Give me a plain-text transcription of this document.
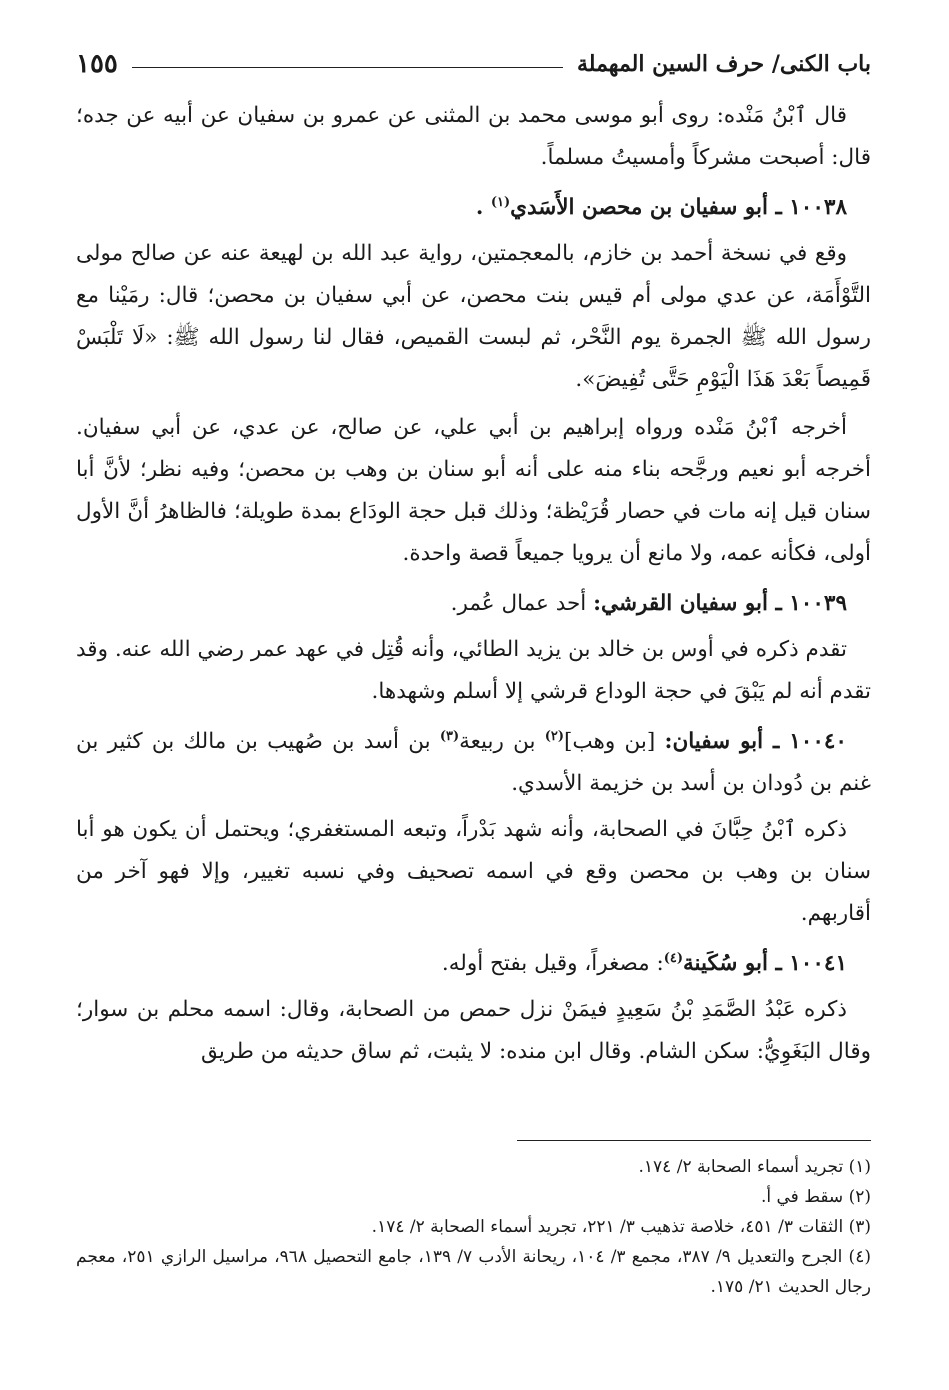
باب الكنى/ حرف السين المهملة
١٥٥

قال ٱبْنُ مَنْده: روى أبو موسى محمد بن المثنى عن عمرو بن سفيان عن أبيه عن جده؛ قال: أصبحت مشركاً وأمسيتُ مسلماً.

١٠٠٣٨ ـ أبو سفيان بن محصن الأَسَدي$^{(١)}$ .

وقع في نسخة أحمد بن خازم، بالمعجمتين، رواية عبد الله بن لهيعة عنه عن صالح مولى التَّوْأَمَة، عن عدي مولى أم قيس بنت محصن، عن أبي سفيان بن محصن؛ قال: رمَيْنا مع رسول الله ﷺ الجمرة يوم النَّحْر، ثم لبست القميص، فقال لنا رسول الله ﷺ: «لَا تَلْبَسْ قَمِيصاً بَعْدَ هَذَا الْيَوْمِ حَتَّى تُفِيضَ».

أخرجه ٱبْنُ مَنْده ورواه إبراهيم بن أبي علي، عن صالح، عن عدي، عن أبي سفيان. أخرجه أبو نعيم ورجَّحه بناء منه على أنه أبو سنان بن وهب بن محصن؛ وفيه نظر؛ لأنَّ أبا سنان قيل إنه مات في حصار قُرَيْظة؛ وذلك قبل حجة الودَاع بمدة طويلة؛ فالظاهرُ أنَّ الأول أولى، فكأنه عمه، ولا مانع أن يرويا جميعاً قصة واحدة.

١٠٠٣٩ ـ أبو سفيان القرشي: أحد عمال عُمر.

تقدم ذكره في أوس بن خالد بن يزيد الطائي، وأنه قُتِل في عهد عمر رضي الله عنه. وقد تقدم أنه لم يَبْقَ في حجة الوداع قرشي إلا أسلم وشهدها.

١٠٠٤٠ ـ أبو سفيان: [بن وهب]$^{(٢)}$ بن ربيعة$^{(٣)}$ بن أسد بن صُهيب بن مالك بن كثير بن غنم بن دُودان بن أسد بن خزيمة الأسدي.

ذكره ٱبْنُ حِبَّانَ في الصحابة، وأنه شهد بَدْراً، وتبعه المستغفري؛ ويحتمل أن يكون هو أبا سنان بن وهب بن محصن وقع في اسمه تصحيف وفي نسبه تغيير، وإلا فهو آخر من أقاربهم.

١٠٠٤١ ـ أبو سُكَينة$^{(٤)}$: مصغراً، وقيل بفتح أوله.

ذكره عَبْدُ الصَّمَدِ بْنُ سَعِيدٍ فيمَنْ نزل حمص من الصحابة، وقال: اسمه محلم بن سوار؛ وقال البَغَوِيُّ: سكن الشام. وقال ابن منده: لا يثبت، ثم ساق حديثه من طريق

(١) تجريد أسماء الصحابة ٢/ ١٧٤.

(٢) سقط في أ.

(٣) الثقات ٣/ ٤٥١، خلاصة تذهيب ٣/ ٢٢١، تجريد أسماء الصحابة ٢/ ١٧٤.

(٤) الجرح والتعديل ٩/ ٣٨٧، مجمع ٣/ ١٠٤، ريحانة الأدب ٧/ ١٣٩، جامع التحصيل ٩٦٨، مراسيل الرازي ٢٥١، معجم رجال الحديث ٢١/ ١٧٥.
